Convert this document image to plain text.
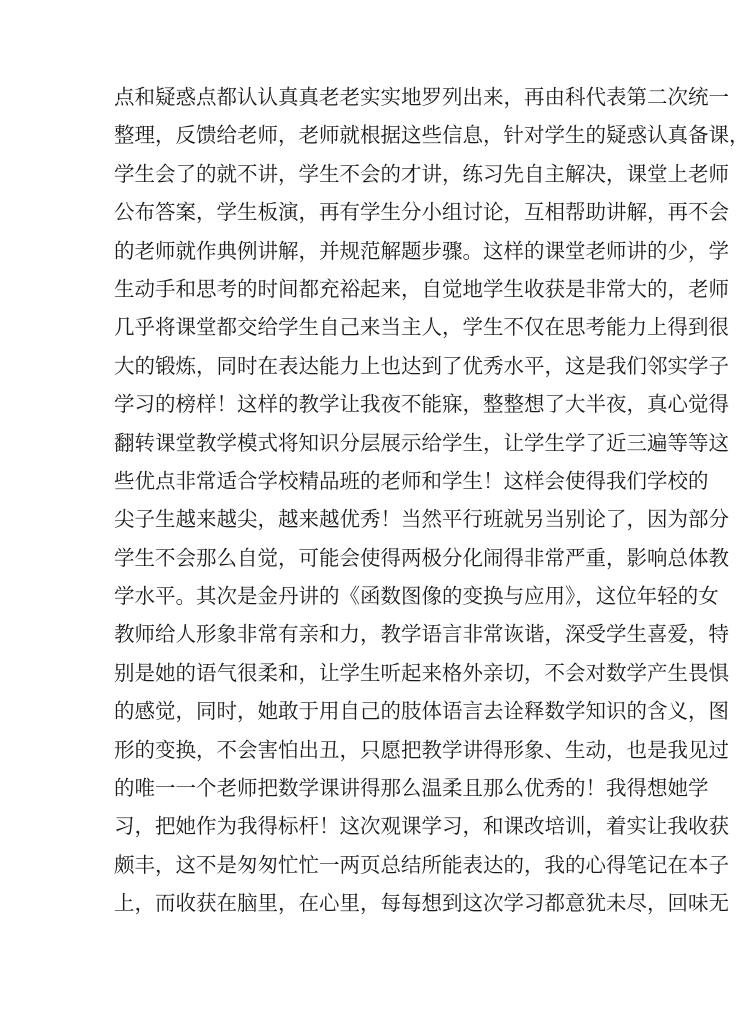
点和疑惑点都认认真真老老实实地罗列出来，再由科代表第二次统一
整理，反馈给老师，老师就根据这些信息，针对学生的疑惑认真备课，
学生会了的就不讲，学生不会的才讲，练习先自主解决，课堂上老师
公布答案，学生板演，再有学生分小组讨论，互相帮助讲解，再不会
的老师就作典例讲解，并规范解题步骤。这样的课堂老师讲的少，学
生动手和思考的时间都充裕起来，自觉地学生收获是非常大的，老师
几乎将课堂都交给学生自己来当主人，学生不仅在思考能力上得到很
大的锻炼，同时在表达能力上也达到了优秀水平，这是我们邻实学子
学习的榜样！这样的教学让我夜不能寐，整整想了大半夜，真心觉得
翻转课堂教学模式将知识分层展示给学生，让学生学了近三遍等等这
些优点非常适合学校精品班的老师和学生！这样会使得我们学校的
尖子生越来越尖，越来越优秀！当然平行班就另当别论了，因为部分
学生不会那么自觉，可能会使得两极分化闹得非常严重，影响总体教
学水平。其次是金丹讲的《函数图像的变换与应用》，这位年轻的女
教师给人形象非常有亲和力，教学语言非常诙谐，深受学生喜爱，特
别是她的语气很柔和，让学生听起来格外亲切，不会对数学产生畏惧
的感觉，同时，她敢于用自己的肢体语言去诠释数学知识的含义，图
形的变换，不会害怕出丑，只愿把教学讲得形象、生动，也是我见过
的唯一一个老师把数学课讲得那么温柔且那么优秀的！我得想她学
习，把她作为我得标杆！这次观课学习，和课改培训，着实让我收获
颇丰，这不是匆匆忙忙一两页总结所能表达的，我的心得笔记在本子
上，而收获在脑里，在心里，每每想到这次学习都意犹未尽，回味无
